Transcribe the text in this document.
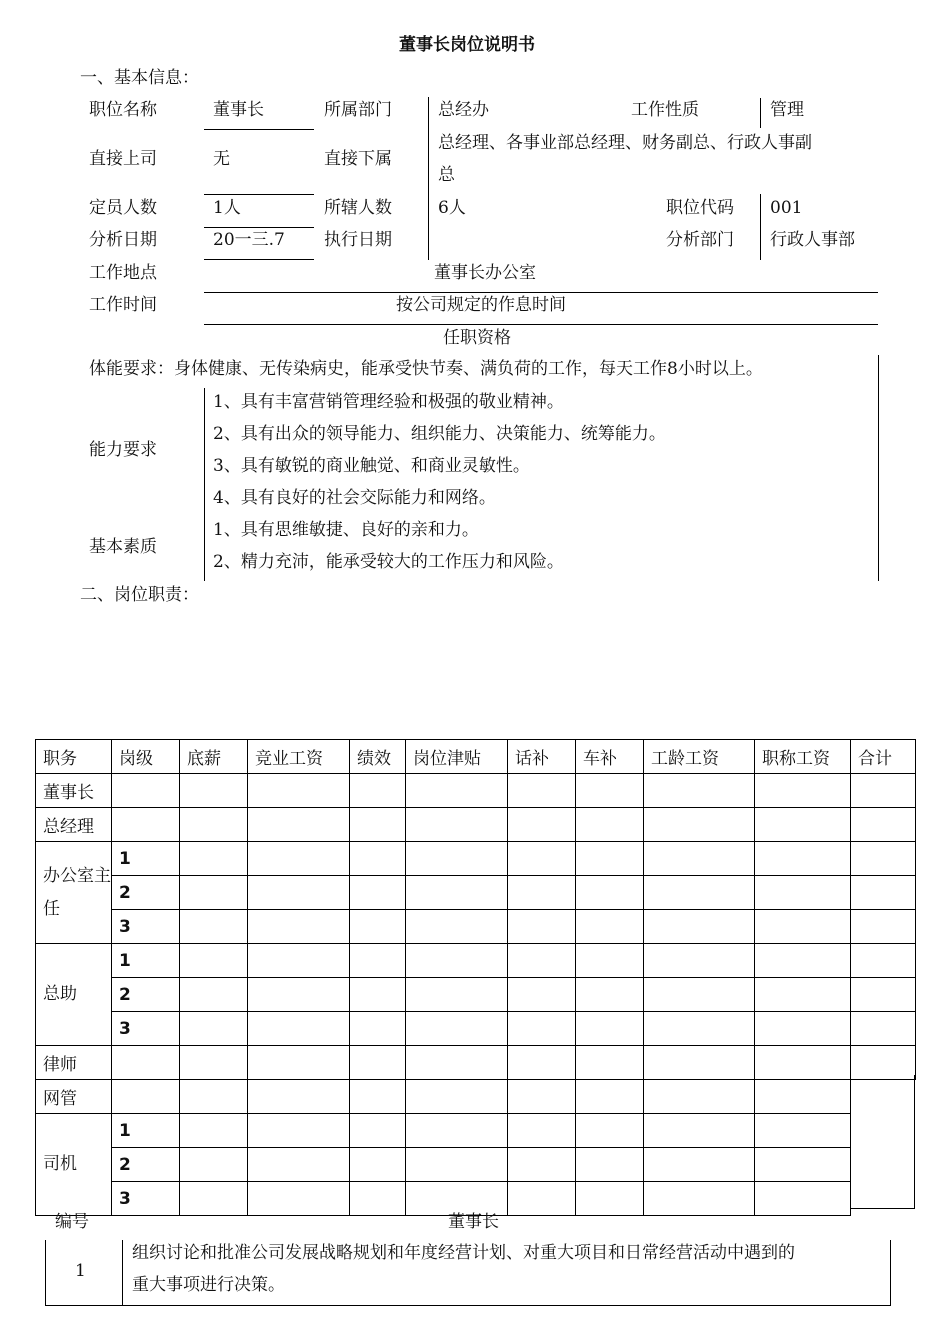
董事长岗位说明书
一、基本信息：
职位名称	董事长	所属部门	总经办	工作性质	管理
直接上司	无	直接下属
总经理、各事业部总经理、财务副总、行政人事副
总
定员人数	1人	所辖人数	6人	职位代码 001
分析日期	20一三.7 执行日期	分析部门 行政人事部
工作地点	董事长办公室
工作时间	按公司规定的作息时间
任职资格
体能要求：身体健康、无传染病史，能承受快节奏、满负荷的工作，每天工作8小时以上。
能力要求
1、具有丰富营销管理经验和极强的敬业精神。
2、具有出众的领导能力、组织能力、决策能力、统筹能力。
3、具有敏锐的商业触觉、和商业灵敏性。
4、具有良好的社会交际能力和网络。
基本素质
1、具有思维敏捷、良好的亲和力。
2、精力充沛，能承受较大的工作压力和风险。
二、岗位职责：
职务	岗级	底薪	竞业工资	绩效	岗位津贴	话补	车补	工龄工资	职称工资	合计
董事长										
总经理										
办公室主任	1									
	2									
	3									
总助	1									
	2									
	3									
律师										
网管										
司机	1									
	2									
	3									
编号	董事长
1
组织讨论和批准公司发展战略规划和年度经营计划、对重大项目和日常经营活动中遇到的
重大事项进行决策。
